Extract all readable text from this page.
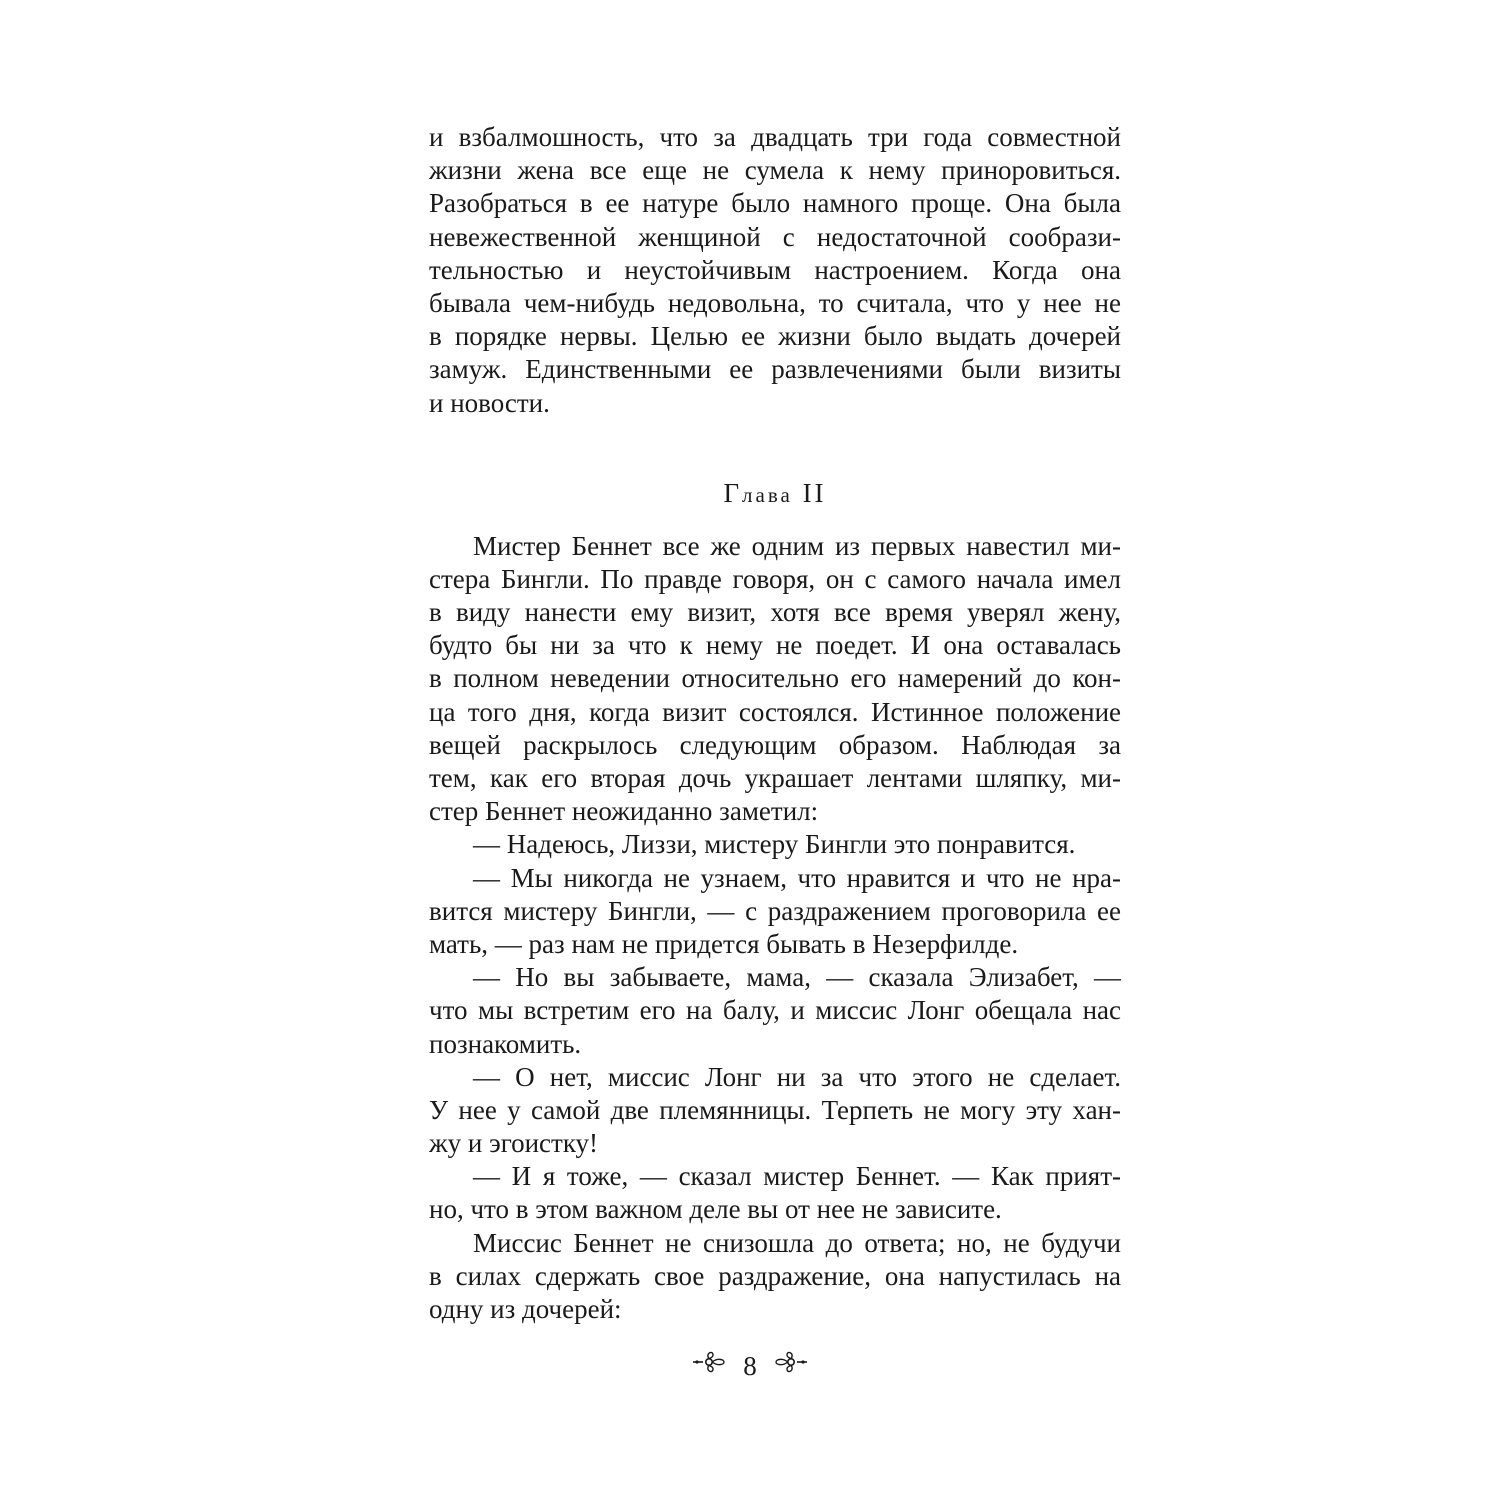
и взбалмошность, что за двадцать три года совместной
жизни жена все еще не сумела к нему приноровиться.
Разобраться в ее натуре было намного проще. Она была
невежественной женщиной с недостаточной сообрази-
тельностью и неустойчивым настроением. Когда она
бывала чем-нибудь недовольна, то считала, что у нее не
в порядке нервы. Целью ее жизни было выдать дочерей
замуж. Единственными ее развлечениями были визиты
и новости.
Глава II
Мистер Беннет все же одним из первых навестил ми-
стера Бингли. По правде говоря, он с самого начала имел
в виду нанести ему визит, хотя все время уверял жену,
будто бы ни за что к нему не поедет. И она оставалась
в полном неведении относительно его намерений до кон-
ца того дня, когда визит состоялся. Истинное положение
вещей раскрылось следующим образом. Наблюдая за
тем, как его вторая дочь украшает лентами шляпку, ми-
стер Беннет неожиданно заметил:
— Надеюсь, Лиззи, мистеру Бингли это понравится.
— Мы никогда не узнаем, что нравится и что не нра-
вится мистеру Бингли, — с раздражением проговорила ее
мать, — раз нам не придется бывать в Незерфилде.
— Но вы забываете, мама, — сказала Элизабет, —
что мы встретим его на балу, и миссис Лонг обещала нас
познакомить.
— О нет, миссис Лонг ни за что этого не сделает.
У нее у самой две племянницы. Терпеть не могу эту хан-
жу и эгоистку!
— И я тоже, — сказал мистер Беннет. — Как прият-
но, что в этом важном деле вы от нее не зависите.
Миссис Беннет не снизошла до ответа; но, не будучи
в силах сдержать свое раздражение, она напустилась на
одну из дочерей:
8
